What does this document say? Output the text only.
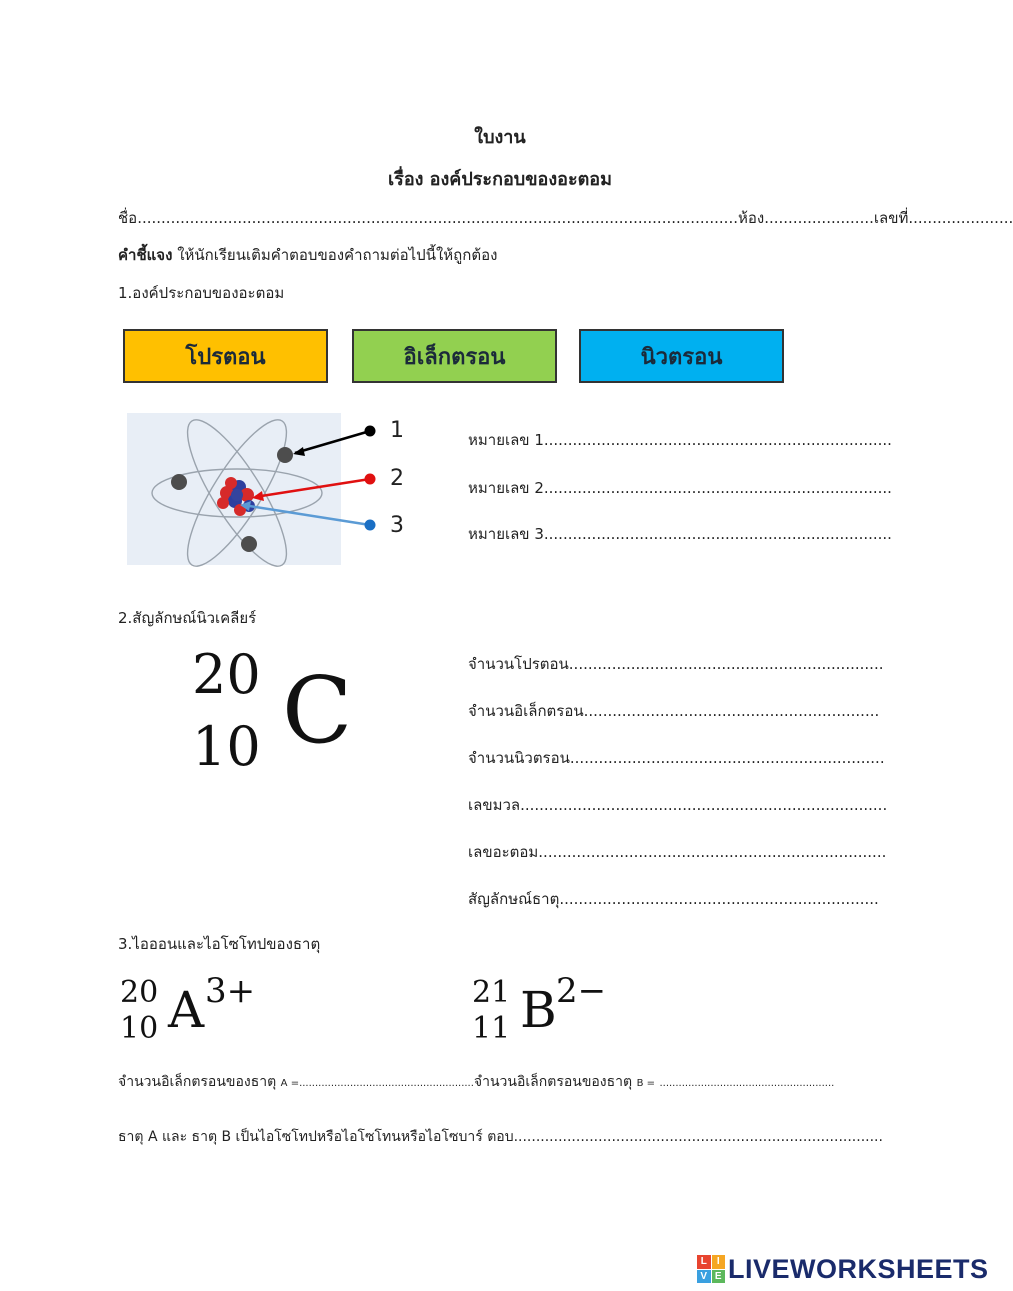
ใบงาน
เรื่อง องค์ประกอบของอะตอม
ชื่อ..............................................................................................................................ห้อง.......................เลขที่......................
คำชี้แจง ให้นักเรียนเติมคำตอบของคำถามต่อไปนี้ให้ถูกต้อง
1.องค์ประกอบของอะตอม
โปรตอน	อิเล็กตรอน	นิวตรอน
1
2
3
หมายเลข 1.........................................................................
หมายเลข 2.........................................................................
หมายเลข 3.........................................................................
2.สัญลักษณ์นิวเคลียร์
20
10 C	จำนวนโปรตอน..................................................................
จำนวนอิเล็กตรอน..............................................................
จำนวนนิวตรอน..................................................................
เลขมวล.............................................................................
เลขอะตอม.........................................................................
สัญลักษณ์ธาตุ...................................................................
3.ไอออนและไอโซโทปของธาตุ
20
10 A 3+	21
11 B 2−
จำนวนอิเล็กตรอนของธาตุ A =.......................................................จำนวนอิเล็กตรอนของธาตุ B = .......................................................
ธาตุ A และ ธาตุ B เป็นไอโซโทปหรือไอโซโทนหรือไอโซบาร์ ตอบ...................................................................................
L	I
V E LIVEWORKSHEETS
